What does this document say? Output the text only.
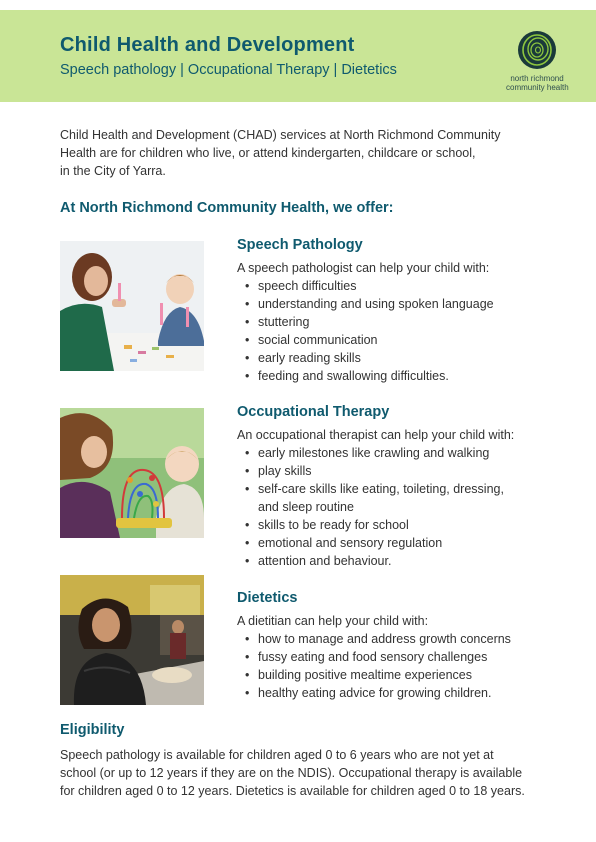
Child Health and Development
Speech pathology | Occupational Therapy | Dietetics
north richmond
community health
Child Health and Development (CHAD) services at North Richmond Community
Health are for children who live, or attend kindergarten, childcare or school,
in the City of Yarra.
At North Richmond Community Health, we offer:
Speech Pathology
A speech pathologist can help your child with:
• speech difficulties
• understanding and using spoken language
• stuttering
• social communication
• early reading skills
• feeding and swallowing difficulties.
Occupational Therapy
An occupational therapist can help your child with:
• early milestones like crawling and walking
• play skills
• self-care skills like eating, toileting, dressing,
and sleep routine
• skills to be ready for school
• emotional and sensory regulation
• attention and behaviour.
Dietetics
A dietitian can help your child with:
• how to manage and address growth concerns
• fussy eating and food sensory challenges
• building positive mealtime experiences
• healthy eating advice for growing children.
Eligibility
Speech pathology is available for children aged 0 to 6 years who are not yet at
school (or up to 12 years if they are on the NDIS). Occupational therapy is available
for children aged 0 to 12 years. Dietetics is available for children aged 0 to 18 years.
